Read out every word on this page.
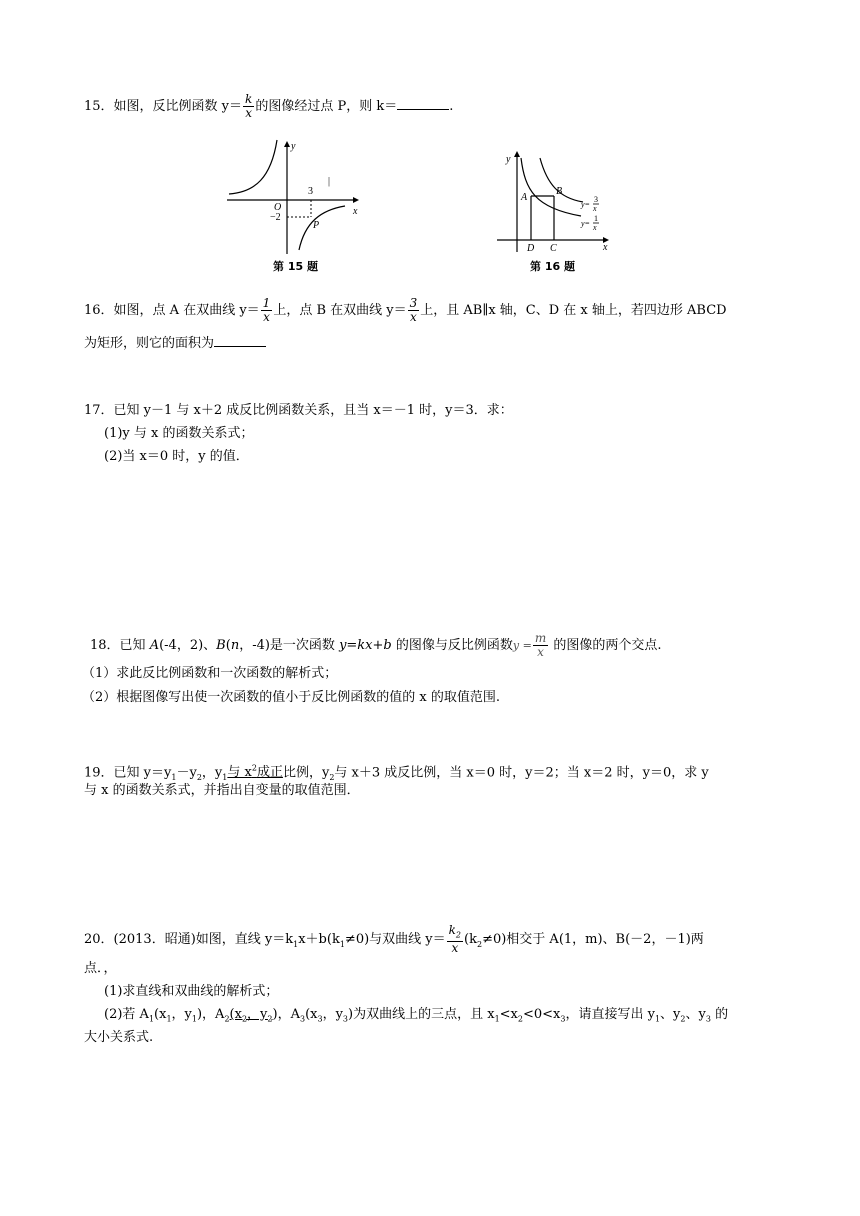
15．如图，反比例函数 $y= \frac{k}{x}$ 的图像经过点 P，则 k＝	.
y
x
O
3
−2
P
|
第 15 题
y
x
A
B
C
D
y=
3
x
y=
1
x
第 16 题
16．如图，点 A 在双曲线 $y= \frac{1}{x}$ 上，点 B 在双曲线 $y= \frac{3}{x}$ 上，且 AB∥x 轴，C、D 在 x 轴上，若四边形 ABCD
为矩形，则它的面积为
17．已知 y－1 与 x＋2 成反比例函数关系，且当 x＝－1 时，y＝3．求：
(1)y 与 x 的函数关系式；
(2)当 x＝0 时，y 的值．
18．已知 A(-4，2)、B(n，-4)是一次函数 y=kx+b 的图像与反比例函数$y = \frac{m}{x}$ 的图像的两个交点.
（1）求此反比例函数和一次函数的解析式；
（2）根据图像写出使一次函数的值小于反比例函数的值的 x 的取值范围.
19．已知 $y=y_1-y_2$，$y_1$与 $x^2$成正比例，$y_2$与 x＋3 成反比例，当 x＝0 时，y＝2；当 x＝2 时，y＝0，求 y
与 x 的函数关系式，并指出自变量的取值范围．
20．(2013．昭通)如图，直线 $y=k_1x+b(k_1\ne 0)$与双曲线 $y= \frac{k_2}{x} (k_2\ne 0)$相交于 A(1，m)、B(－2，－1)两
点．，
(1)求直线和双曲线的解析式；
(2)若 $A_1(x_1$，$y_1$)，$A_2(x_2$，$y_2$)，$A_3(x_3$，$y_3$)为双曲线上的三点，且 $x_1<x_2<0<x_3$，请直接写出 $y_1$、$y_2$、$y_3$ 的
大小关系式.
